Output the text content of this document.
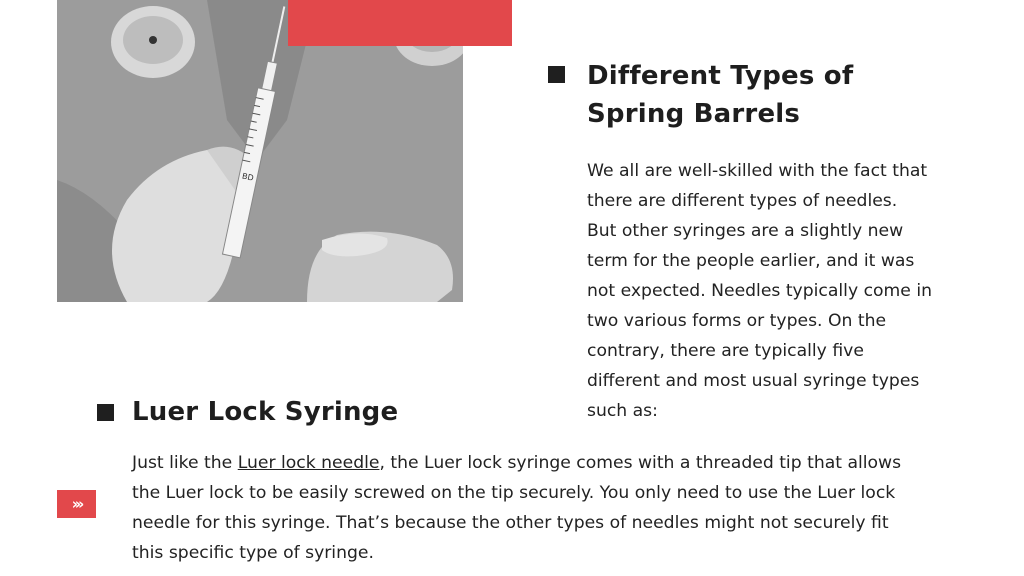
BD
Different Types of
Spring Barrels
We all are well-skilled with the fact that
there are different types of needles.
But other syringes are a slightly new
term for the people earlier, and it was
not expected. Needles typically come in
two various forms or types. On the
contrary, there are typically five
different and most usual syringe types
such as:
Luer Lock Syringe
›››
Just like the Luer lock needle, the Luer lock syringe comes with a threaded tip that allows
the Luer lock to be easily screwed on the tip securely. You only need to use the Luer lock
needle for this syringe. That’s because the other types of needles might not securely fit
this specific type of syringe.
